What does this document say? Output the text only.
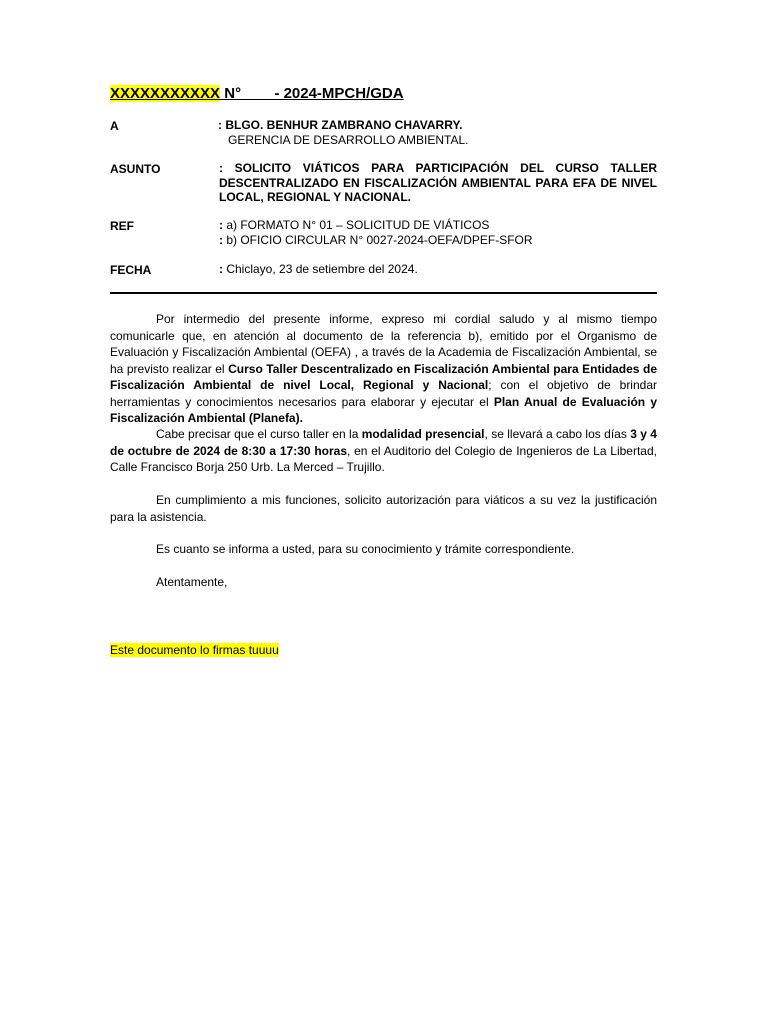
XXXXXXXXXXX N°        - 2024-MPCH/GDA
A	: BLGO. BENHUR ZAMBRANO CHAVARRY.
GERENCIA DE DESARROLLO AMBIENTAL.
ASUNTO	: SOLICITO VIÁTICOS PARA PARTICIPACIÓN DEL CURSO TALLER DESCENTRALIZADO EN FISCALIZACIÓN AMBIENTAL PARA EFA DE NIVEL LOCAL, REGIONAL Y NACIONAL.
REF	: a) FORMATO N° 01 – SOLICITUD DE VIÁTICOS
: b) OFICIO CIRCULAR N° 0027-2024-OEFA/DPEF-SFOR
FECHA	: Chiclayo, 23 de setiembre del 2024.
Por intermedio del presente informe, expreso mi cordial saludo y al mismo tiempo comunicarle que, en atención al documento de la referencia b), emitido por el Organismo de Evaluación y Fiscalización Ambiental (OEFA) , a través de la Academia de Fiscalización Ambiental, se ha previsto realizar el Curso Taller Descentralizado en Fiscalización Ambiental para Entidades de Fiscalización Ambiental de nivel Local, Regional y Nacional; con el objetivo de brindar herramientas y conocimientos necesarios para elaborar y ejecutar el Plan Anual de Evaluación y Fiscalización Ambiental (Planefa).
Cabe precisar que el curso taller en la modalidad presencial, se llevará a cabo los días 3 y 4 de octubre de 2024 de 8:30 a 17:30 horas, en el Auditorio del Colegio de Ingenieros de La Libertad, Calle Francisco Borja 250 Urb. La Merced – Trujillo.
En cumplimiento a mis funciones, solicito autorización para viáticos a su vez la justificación para la asistencia.
Es cuanto se informa a usted, para su conocimiento y trámite correspondiente.
Atentamente,
Este documento lo firmas tuuuu
